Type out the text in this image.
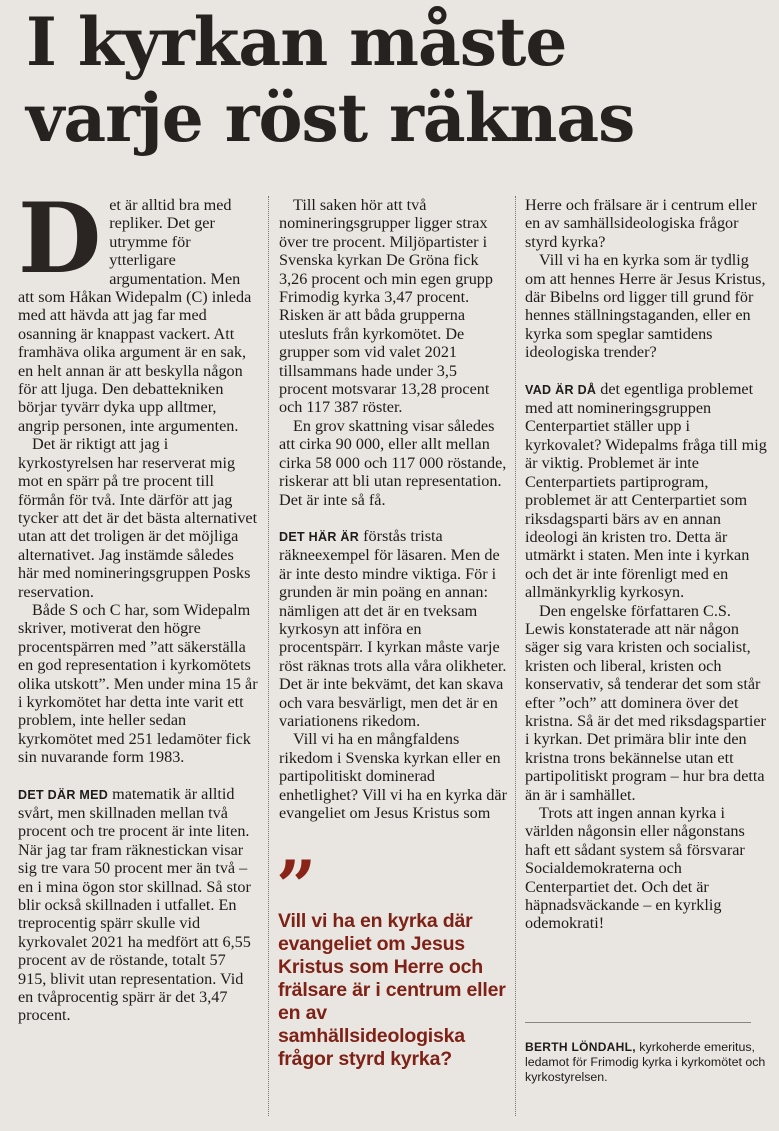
I kyrkan måste
varje röst räknas

Det är alltid bra med repliker. Det ger utrymme för ytterligare argumentation. Men att som Håkan Widepalm (C) inleda med att hävda att jag far med osanning är knappast vackert. Att framhäva olika argument är en sak, en helt annan är att beskylla någon för att ljuga. Den debattekniken börjar tyvärr dyka upp alltmer, angrip personen, inte argumenten.

Det är riktigt att jag i kyrkostyrelsen har reserverat mig mot en spärr på tre procent till förmån för två. Inte därför att jag tycker att det är det bästa alternativet utan att det troligen är det möjliga alternativet. Jag instämde således här med nomineringsgruppen Posks reservation.

Både S och C har, som Widepalm skriver, motiverat den högre procentspärren med ”att säkerställa en god representation i kyrkomötets olika utskott”. Men under mina 15 år i kyrkomötet har detta inte varit ett problem, inte heller sedan kyrkomötet med 251 ledamöter fick sin nuvarande form 1983.

DET DÄR MED matematik är alltid svårt, men skillnaden mellan två procent och tre procent är inte liten. När jag tar fram räknestickan visar sig tre vara 50 procent mer än två – en i mina ögon stor skillnad. Så stor blir också skillnaden i utfallet. En treprocentig spärr skulle vid kyrkovalet 2021 ha medfört att 6,55 procent av de röstande, totalt 57 915, blivit utan representation. Vid en tvåprocentig spärr är det 3,47 procent.

Till saken hör att två nomineringsgrupper ligger strax över tre procent. Miljöpartister i Svenska kyrkan De Gröna fick 3,26 procent och min egen grupp Frimodig kyrka 3,47 procent. Risken är att båda grupperna utesluts från kyrkomötet. De grupper som vid valet 2021 tillsammans hade under 3,5 procent motsvarar 13,28 procent och 117 387 röster.

En grov skattning visar således att cirka 90 000, eller allt mellan cirka 58 000 och 117 000 röstande, riskerar att bli utan representation. Det är inte så få.

DET HÄR ÄR förstås trista räkneexempel för läsaren. Men de är inte desto mindre viktiga. För i grunden är min poäng en annan: nämligen att det är en tveksam kyrkosyn att införa en procentspärr. I kyrkan måste varje röst räknas trots alla våra olikheter. Det är inte bekvämt, det kan skava och vara besvärligt, men det är en variationens rikedom.

Vill vi ha en mångfaldens rikedom i Svenska kyrkan eller en partipolitiskt dominerad enhetlighet? Vill vi ha en kyrka där evangeliet om Jesus Kristus som

”
Vill vi ha en kyrka där evangeliet om Jesus Kristus som Herre och frälsare är i centrum eller en av samhällsideologiska frågor styrd kyrka?

Herre och frälsare är i centrum eller en av samhällsideologiska frågor styrd kyrka?

Vill vi ha en kyrka som är tydlig om att hennes Herre är Jesus Kristus, där Bibelns ord ligger till grund för hennes ställningstaganden, eller en kyrka som speglar samtidens ideologiska trender?

VAD ÄR DÅ det egentliga problemet med att nomineringsgruppen Centerpartiet ställer upp i kyrkovalet? Widepalms fråga till mig är viktig. Problemet är inte Centerpartiets partiprogram, problemet är att Centerpartiet som riksdagsparti bärs av en annan ideologi än kristen tro. Detta är utmärkt i staten. Men inte i kyrkan och det är inte förenligt med en allmänkyrklig kyrkosyn.

Den engelske författaren C.S. Lewis konstaterade att när någon säger sig vara kristen och socialist, kristen och liberal, kristen och konservativ, så tenderar det som står efter ”och” att dominera över det kristna. Så är det med riksdagspartier i kyrkan. Det primära blir inte den kristna trons bekännelse utan ett partipolitiskt program – hur bra detta än är i samhället.

Trots att ingen annan kyrka i världen någonsin eller någonstans haft ett sådant system så försvarar Socialdemokraterna och Centerpartiet det. Och det är häpnadsväckande – en kyrklig odemokrati!

BERTH LÖNDAHL, kyrkoherde emeritus, ledamot för Frimodig kyrka i kyrkomötet och kyrkostyrelsen.
